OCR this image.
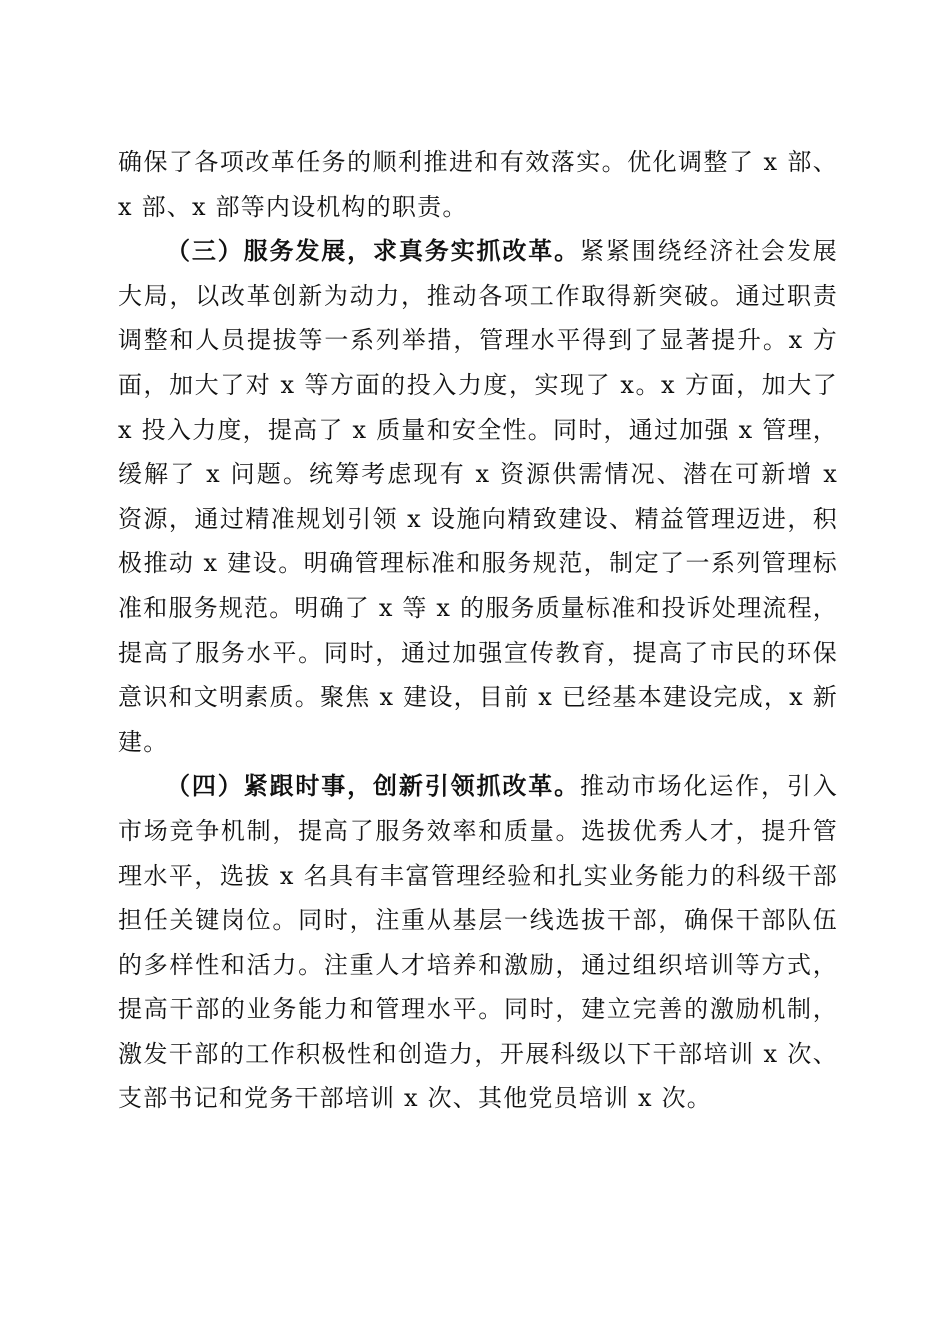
确保了各项改革任务的顺利推进和有效落实。优化调整了 x 部、x 部、x 部等内设机构的职责。

（三）服务发展，求真务实抓改革。紧紧围绕经济社会发展大局，以改革创新为动力，推动各项工作取得新突破。通过职责调整和人员提拔等一系列举措，管理水平得到了显著提升。x 方面，加大了对 x 等方面的投入力度，实现了 x。x 方面，加大了 x 投入力度，提高了 x 质量和安全性。同时，通过加强 x 管理，缓解了 x 问题。统筹考虑现有 x 资源供需情况、潜在可新增 x 资源，通过精准规划引领 x 设施向精致建设、精益管理迈进，积极推动 x 建设。明确管理标准和服务规范，制定了一系列管理标准和服务规范。明确了 x 等 x 的服务质量标准和投诉处理流程，提高了服务水平。同时，通过加强宣传教育，提高了市民的环保意识和文明素质。聚焦 x 建设，目前 x 已经基本建设完成，x 新建。

（四）紧跟时事，创新引领抓改革。推动市场化运作，引入市场竞争机制，提高了服务效率和质量。选拔优秀人才，提升管理水平，选拔 x 名具有丰富管理经验和扎实业务能力的科级干部担任关键岗位。同时，注重从基层一线选拔干部，确保干部队伍的多样性和活力。注重人才培养和激励，通过组织培训等方式，提高干部的业务能力和管理水平。同时，建立完善的激励机制，激发干部的工作积极性和创造力，开展科级以下干部培训 x 次、支部书记和党务干部培训 x 次、其他党员培训 x 次。
